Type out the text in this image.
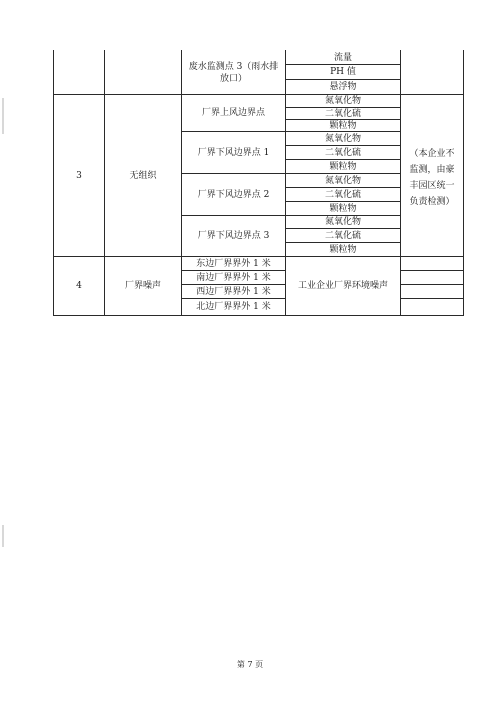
废水监测点 3（雨水排放口）
流量
PH 值
悬浮物
3	无组织
厂界上风边界点
氮氧化物
二氧化硫
颗粒物
厂界下风边界点 1
氮氧化物
二氧化硫
颗粒物
厂界下风边界点 2
氮氧化物
二氧化硫
颗粒物
厂界下风边界点 3
氮氧化物
二氧化硫
颗粒物
（本企业不监测，由豪丰园区统一负责检测）
4	厂界噪声
东边厂界界外 1 米
南边厂界界外 1 米
西边厂界界外 1 米
北边厂界界外 1 米
工业企业厂界环境噪声
第 7 页
